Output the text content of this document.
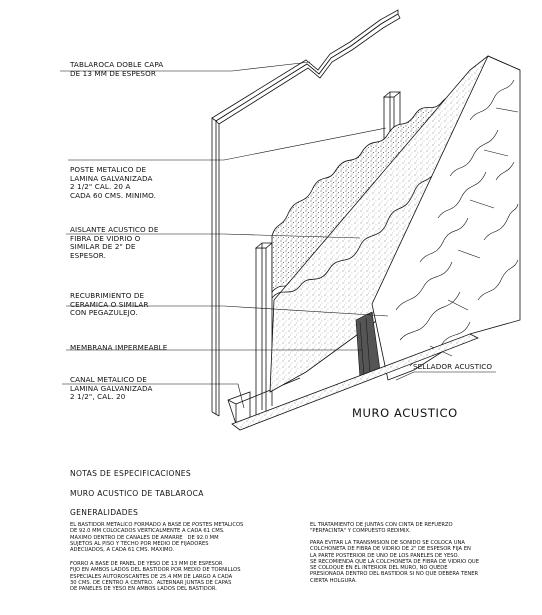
TABLAROCA DOBLE CAPA
DE 13 MM DE ESPESOR
POSTE METALICO DE
LAMINA GALVANIZADA
2 1/2" CAL. 20 A
CADA 60 CMS. MINIMO.
AISLANTE ACUSTICO DE
FIBRA DE VIDRIO O
SIMILAR DE 2" DE
ESPESOR.
RECUBRIMIENTO DE
CERAMICA O SIMILAR
CON PEGAZULEJO.
MEMBRANA IMPERMEABLE
CANAL METALICO DE
LAMINA GALVANIZADA
2 1/2", CAL. 20
SELLADOR ACUSTICO
MURO ACUSTICO
NOTAS DE ESPECIFICACIONES
MURO ACUSTICO DE TABLAROCA
GENERALIDADES
EL BASTIDOR METALICO FORMADO A BASE DE POSTES METALICOS
DE 92.0 MM COLOCADOS VERTICALMENTE A CADA 61 CMS.
MAXIMO DENTRO DE CANALES DE AMARRE   DE 92.0 MM
SUJETOS AL PISO Y TECHO POR MEDIO DE FIJADORES
ADECUADOS, A CADA 61 CMS. MAXIMO.
FORRO A BASE DE PANEL DE YESO DE 13 MM DE ESPESOR
FIJO EN AMBOS LADOS DEL BASTIDOR POR MEDIO DE TORNILLOS
ESPECIALES AUTOROSCANTES DE 25.4 MM DE LARGO A CADA
30 CMS. DE CENTRO A CENTRO.  ALTERNAR JUNTAS DE CAPAS
DE PANELES DE YESO EN AMBOS LADOS DEL BASTIDOR.
EL TRATAMIENTO DE JUNTAS CON CINTA DE REFUERZO
"PERFACINTA" Y COMPUESTO REDIMIX.
PARA EVITAR LA TRANSMISION DE SONIDO SE COLOCA UNA
COLCHONETA DE FIBRA DE VIDRIO DE 2" DE ESPESOR FIJA EN
LA PARTE POSTERIOR DE UNO DE LOS PANELES DE YESO.
SE RECOMIENDA QUE LA COLCHONETA DE FIBRA DE VIDRIO QUE
SE COLOQUE EN EL INTERIOR DEL MURO, NO QUEDE
PRESIONADA DENTRO DEL BASTIDOR SI NO QUE DEBERA TENER
CIERTA HOLGURA.
